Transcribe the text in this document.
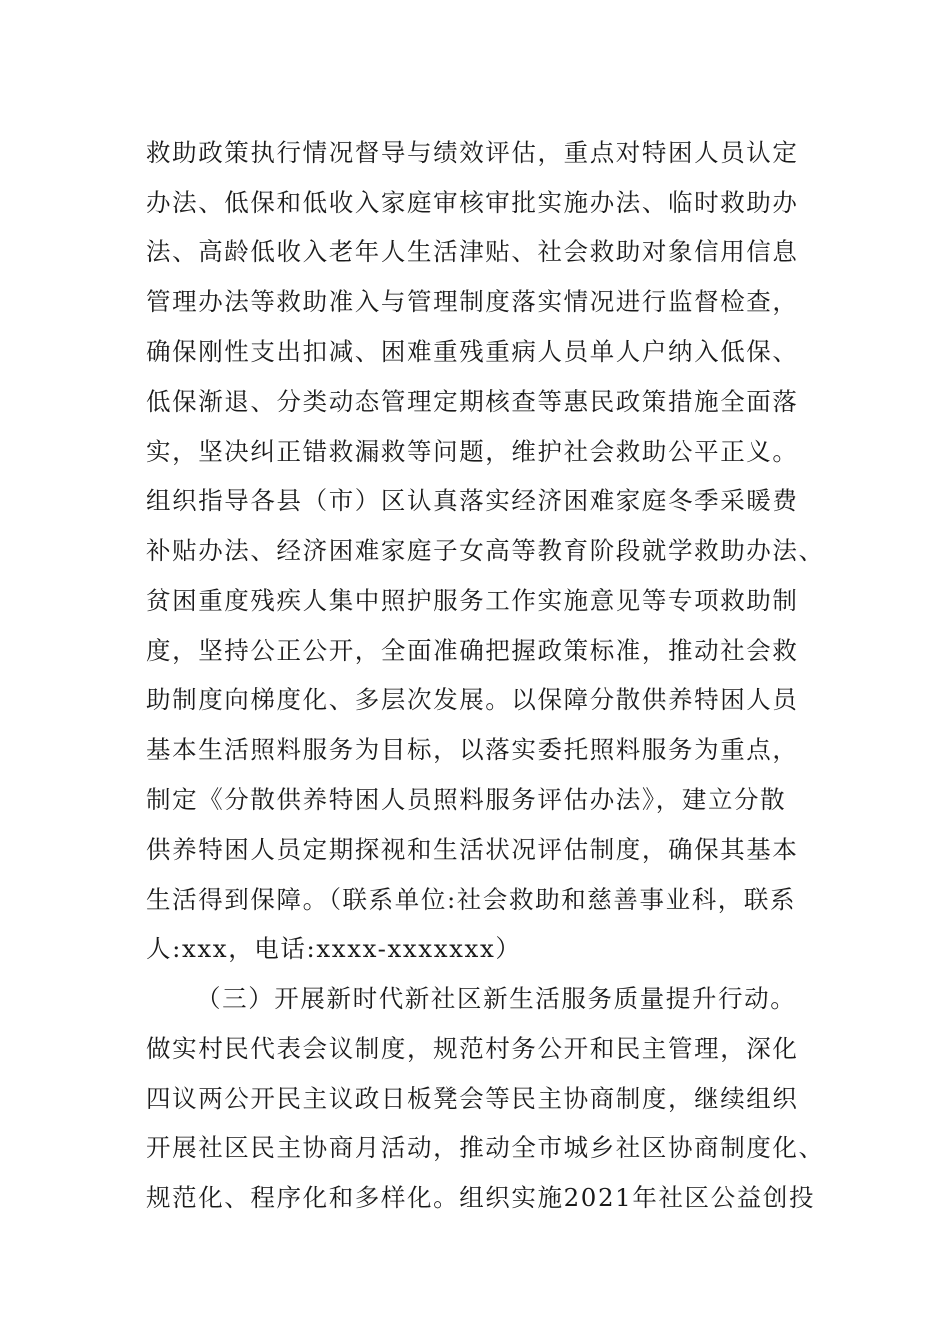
救助政策执行情况督导与绩效评估，重点对特困人员认定
办法、低保和低收入家庭审核审批实施办法、临时救助办
法、高龄低收入老年人生活津贴、社会救助对象信用信息
管理办法等救助准入与管理制度落实情况进行监督检查，
确保刚性支出扣减、困难重残重病人员单人户纳入低保、
低保渐退、分类动态管理定期核查等惠民政策措施全面落
实，坚决纠正错救漏救等问题，维护社会救助公平正义。
组织指导各县（市）区认真落实经济困难家庭冬季采暖费
补贴办法、经济困难家庭子女高等教育阶段就学救助办法、
贫困重度残疾人集中照护服务工作实施意见等专项救助制
度，坚持公正公开，全面准确把握政策标准，推动社会救
助制度向梯度化、多层次发展。以保障分散供养特困人员
基本生活照料服务为目标，以落实委托照料服务为重点，
制定《分散供养特困人员照料服务评估办法》，建立分散
供养特困人员定期探视和生活状况评估制度，确保其基本
生活得到保障。（联系单位:社会救助和慈善事业科，联系
人:xxx，电话:xxxx-xxxxxxx）
（三）开展新时代新社区新生活服务质量提升行动。
做实村民代表会议制度，规范村务公开和民主管理，深化
四议两公开民主议政日板凳会等民主协商制度，继续组织
开展社区民主协商月活动，推动全市城乡社区协商制度化、
规范化、程序化和多样化。组织实施2021年社区公益创投
